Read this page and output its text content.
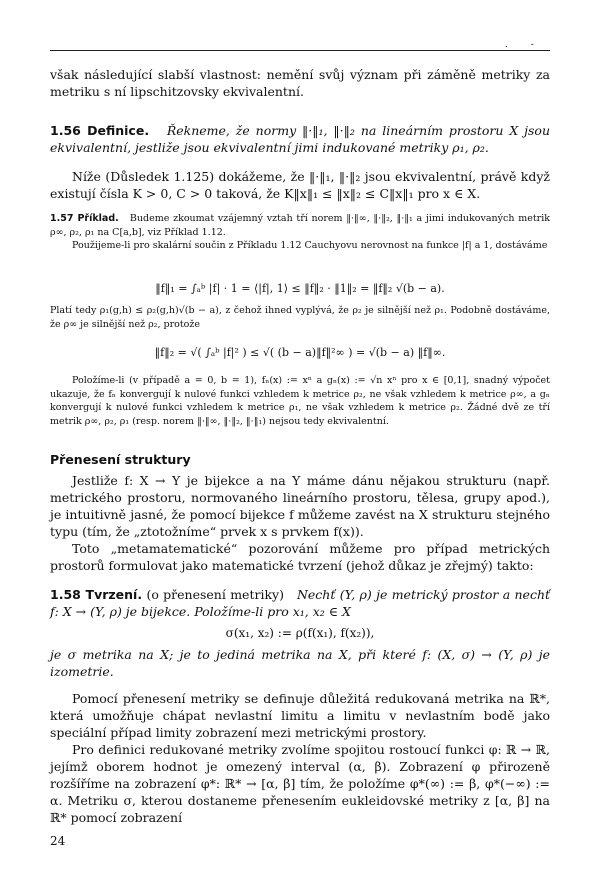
. -

však následující slabší vlastnost: nemění svůj význam při záměně metriky za metriku s ní lipschitzovsky ekvivalentní.

1.56 Definice. Řekneme, že normy ‖·‖₁, ‖·‖₂ na lineárním prostoru X jsou ekvivalentní, jestliže jsou ekvivalentní jimi indukované metriky ρ₁, ρ₂.

Níže (Důsledek 1.125) dokážeme, že ‖·‖₁, ‖·‖₂ jsou ekvivalentní, právě když existují čísla K > 0, C > 0 taková, že K‖x‖₁ ≤ ‖x‖₂ ≤ C‖x‖₁ pro x ∈ X.

1.57 Příklad. Budeme zkoumat vzájemný vztah tří norem ‖·‖∞, ‖·‖₂, ‖·‖₁ a jimi indukovaných metrik ρ∞, ρ₂, ρ₁ na C[a,b], viz Příklad 1.12.

Použijeme-li pro skalární součin z Příkladu 1.12 Cauchyovu nerovnost na funkce |f| a 1, dostáváme

‖f‖₁ = ∫ₐᵇ |f| · 1 = ⟨|f|, 1⟩ ≤ ‖f‖₂ · ‖1‖₂ = ‖f‖₂ √(b − a).

Platí tedy ρ₁(g,h) ≤ ρ₂(g,h)√(b − a), z čehož ihned vyplývá, že ρ₂ je silnější než ρ₁. Podobně dostáváme, že ρ∞ je silnější než ρ₂, protože

‖f‖₂ = √( ∫ₐᵇ |f|² ) ≤ √( (b − a)‖f‖²∞ ) = √(b − a) ‖f‖∞.

Položíme-li (v případě a = 0, b = 1), fₙ(x) := xⁿ a gₙ(x) := √n xⁿ pro x ∈ [0,1], snadný výpočet ukazuje, že fₙ konvergují k nulové funkci vzhledem k metrice ρ₂, ne však vzhledem k metrice ρ∞, a gₙ konvergují k nulové funkci vzhledem k metrice ρ₁, ne však vzhledem k metrice ρ₂. Žádné dvě ze tří metrik ρ∞, ρ₂, ρ₁ (resp. norem ‖·‖∞, ‖·‖₂, ‖·‖₁) nejsou tedy ekvivalentní.

Přenesení struktury

Jestliže f: X → Y je bijekce a na Y máme dánu nějakou strukturu (např. metrického prostoru, normovaného lineárního prostoru, tělesa, grupy apod.), je intuitivně jasné, že pomocí bijekce f můžeme zavést na X strukturu stejného typu (tím, že „ztotožníme“ prvek x s prvkem f(x)).

Toto „metamatematické“ pozorování můžeme pro případ metrických prostorů formulovat jako matematické tvrzení (jehož důkaz je zřejmý) takto:

1.58 Tvrzení. (o přenesení metriky) Nechť (Y, ρ) je metrický prostor a nechť f: X → (Y, ρ) je bijekce. Položíme-li pro x₁, x₂ ∈ X

σ(x₁, x₂) := ρ(f(x₁), f(x₂)),

je σ metrika na X; je to jediná metrika na X, při které f: (X, σ) → (Y, ρ) je izometrie.

Pomocí přenesení metriky se definuje důležitá redukovaná metrika na ℝ*, která umožňuje chápat nevlastní limitu a limitu v nevlastním bodě jako speciální případ limity zobrazení mezi metrickými prostory.

Pro definici redukované metriky zvolíme spojitou rostoucí funkci φ: ℝ → ℝ, jejímž oborem hodnot je omezený interval (α, β). Zobrazení φ přirozeně rozšíříme na zobrazení φ*: ℝ* → [α, β] tím, že položíme φ*(∞) := β, φ*(−∞) := α. Metriku σ, kterou dostaneme přenesením eukleidovské metriky z [α, β] na ℝ* pomocí zobrazení

24
